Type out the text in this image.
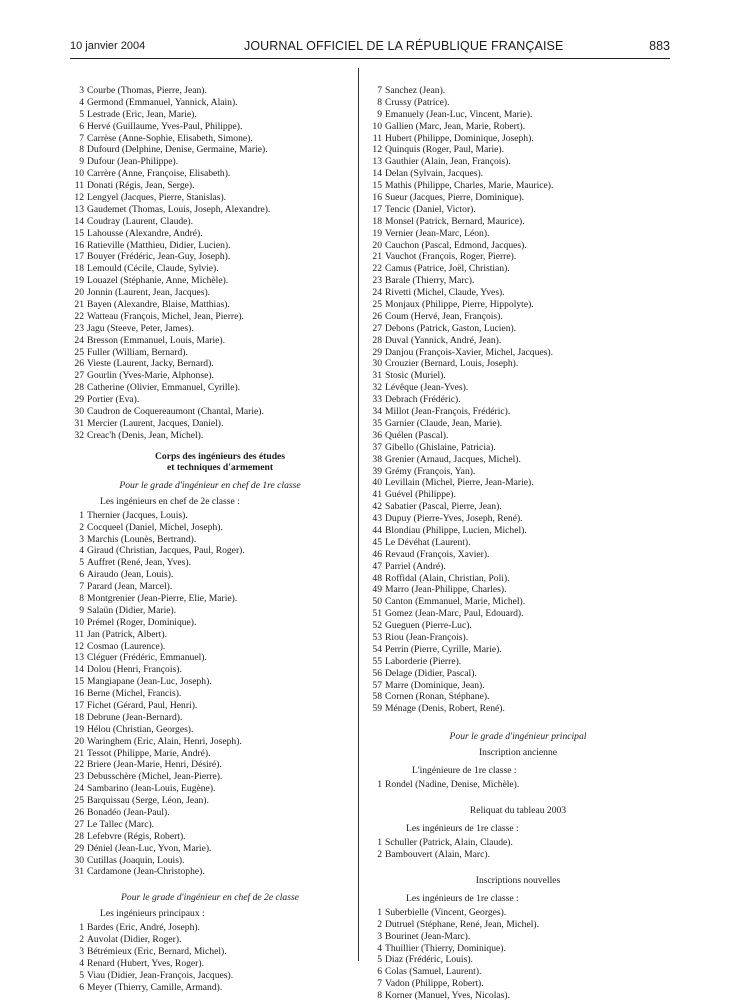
10 janvier 2004	JOURNAL OFFICIEL DE LA RÉPUBLIQUE FRANÇAISE	883
3 Courbe (Thomas, Pierre, Jean).
4 Germond (Emmanuel, Yannick, Alain).
5 Lestrade (Eric, Jean, Marie).
6 Hervé (Guillaume, Yves-Paul, Philippe).
7 Carrèse (Anne-Sophie, Elisabeth, Simone).
8 Dufourd (Delphine, Denise, Germaine, Marie).
9 Dufour (Jean-Philippe).
10 Carrère (Anne, Françoise, Elisabeth).
11 Donati (Régis, Jean, Serge).
12 Lengyel (Jacques, Pierre, Stanislas).
13 Gaudemet (Thomas, Louis, Joseph, Alexandre).
14 Coudray (Laurent, Claude).
15 Lahousse (Alexandre, André).
16 Ratieville (Matthieu, Didier, Lucien).
17 Bouyer (Frédéric, Jean-Guy, Joseph).
18 Lemould (Cécile, Claude, Sylvie).
19 Louazel (Stéphanie, Anne, Michèle).
20 Jonnin (Laurent, Jean, Jacques).
21 Bayen (Alexandre, Blaise, Matthias).
22 Watteau (François, Michel, Jean, Pierre).
23 Jagu (Steeve, Peter, James).
24 Bresson (Emmanuel, Louis, Marie).
25 Fuller (William, Bernard).
26 Vieste (Laurent, Jacky, Bernard).
27 Gourlin (Yves-Marie, Alphonse).
28 Catherine (Olivier, Emmanuel, Cyrille).
29 Portier (Eva).
30 Caudron de Coquereaumont (Chantal, Marie).
31 Mercier (Laurent, Jacques, Daniel).
32 Creac'h (Denis, Jean, Michel).
Corps des ingénieurs des études
et techniques d'armement
Pour le grade d'ingénieur en chef de 1re classe
Les ingénieurs en chef de 2e classe :
1 Thernier (Jacques, Louis).
2 Cocqueel (Daniel, Michel, Joseph).
3 Marchis (Lounès, Bertrand).
4 Giraud (Christian, Jacques, Paul, Roger).
5 Auffret (René, Jean, Yves).
6 Airaudo (Jean, Louis).
7 Parard (Jean, Marcel).
8 Montgrenier (Jean-Pierre, Elie, Marie).
9 Salaün (Didier, Marie).
10 Prémel (Roger, Dominique).
11 Jan (Patrick, Albert).
12 Cosmao (Laurence).
13 Cléguer (Frédéric, Emmanuel).
14 Dolou (Henri, François).
15 Mangiapane (Jean-Luc, Joseph).
16 Berne (Michel, Francis).
17 Fichet (Gérard, Paul, Henri).
18 Debrune (Jean-Bernard).
19 Hélou (Christian, Georges).
20 Waringhem (Eric, Alain, Henri, Joseph).
21 Tessot (Philippe, Marie, André).
22 Briere (Jean-Marie, Henri, Désiré).
23 Debusschère (Michel, Jean-Pierre).
24 Sambarino (Jean-Louis, Eugène).
25 Barquissau (Serge, Léon, Jean).
26 Bonadéo (Jean-Paul).
27 Le Tallec (Marc).
28 Lefebvre (Régis, Robert).
29 Déniel (Jean-Luc, Yvon, Marie).
30 Cutillas (Joaquin, Louis).
31 Cardamone (Jean-Christophe).
Pour le grade d'ingénieur en chef de 2e classe
Les ingénieurs principaux :
1 Bardes (Eric, André, Joseph).
2 Auvolat (Didier, Roger).
3 Bétrémieux (Eric, Bernard, Michel).
4 Renard (Hubert, Yves, Roger).
5 Viau (Didier, Jean-François, Jacques).
6 Meyer (Thierry, Camille, Armand).
7 Sanchez (Jean).
8 Crussy (Patrice).
9 Emanuely (Jean-Luc, Vincent, Marie).
10 Gallien (Marc, Jean, Marie, Robert).
11 Hubert (Philippe, Dominique, Joseph).
12 Quinquis (Roger, Paul, Marie).
13 Gauthier (Alain, Jean, François).
14 Delan (Sylvain, Jacques).
15 Mathis (Philippe, Charles, Marie, Maurice).
16 Sueur (Jacques, Pierre, Dominique).
17 Tencic (Daniel, Victor).
18 Monsel (Patrick, Bernard, Maurice).
19 Vernier (Jean-Marc, Léon).
20 Cauchon (Pascal, Edmond, Jacques).
21 Vauchot (François, Roger, Pierre).
22 Camus (Patrice, Joël, Christian).
23 Barale (Thierry, Marc).
24 Rivetti (Michel, Claude, Yves).
25 Monjaux (Philippe, Pierre, Hippolyte).
26 Coum (Hervé, Jean, François).
27 Debons (Patrick, Gaston, Lucien).
28 Duval (Yannick, André, Jean).
29 Danjou (François-Xavier, Michel, Jacques).
30 Crouzier (Bernard, Louis, Joseph).
31 Stosic (Muriel).
32 Lévêque (Jean-Yves).
33 Debrach (Frédéric).
34 Millot (Jean-François, Frédéric).
35 Garnier (Claude, Jean, Marie).
36 Quélen (Pascal).
37 Gibello (Ghislaine, Patricia).
38 Grenier (Arnaud, Jacques, Michel).
39 Grémy (François, Yan).
40 Levillain (Michel, Pierre, Jean-Marie).
41 Guével (Philippe).
42 Sabatier (Pascal, Pierre, Jean).
43 Dupuy (Pierre-Yves, Joseph, René).
44 Blondiau (Philippe, Lucien, Michel).
45 Le Dévéhat (Laurent).
46 Revaud (François, Xavier).
47 Parriel (André).
48 Roffidal (Alain, Christian, Poli).
49 Marro (Jean-Philippe, Charles).
50 Canton (Emmanuel, Marie, Michel).
51 Gomez (Jean-Marc, Paul, Edouard).
52 Gueguen (Pierre-Luc).
53 Riou (Jean-François).
54 Perrin (Pierre, Cyrille, Marie).
55 Laborderie (Pierre).
56 Delage (Didier, Pascal).
57 Marre (Dominique, Jean).
58 Cornen (Ronan, Stéphane).
59 Ménage (Denis, Robert, René).
Pour le grade d'ingénieur principal
Inscription ancienne
L'ingénieure de 1re classe :
1 Rondel (Nadine, Denise, Michèle).
Reliquat du tableau 2003
Les ingénieurs de 1re classe :
1 Schuller (Patrick, Alain, Claude).
2 Bambouvert (Alain, Marc).
Inscriptions nouvelles
Les ingénieurs de 1re classe :
1 Suberbielle (Vincent, Georges).
2 Dutruel (Stéphane, René, Jean, Michel).
3 Bourinet (Jean-Marc).
4 Thuillier (Thierry, Dominique).
5 Diaz (Frédéric, Louis).
6 Colas (Samuel, Laurent).
7 Vadon (Philippe, Robert).
8 Korner (Manuel, Yves, Nicolas).
